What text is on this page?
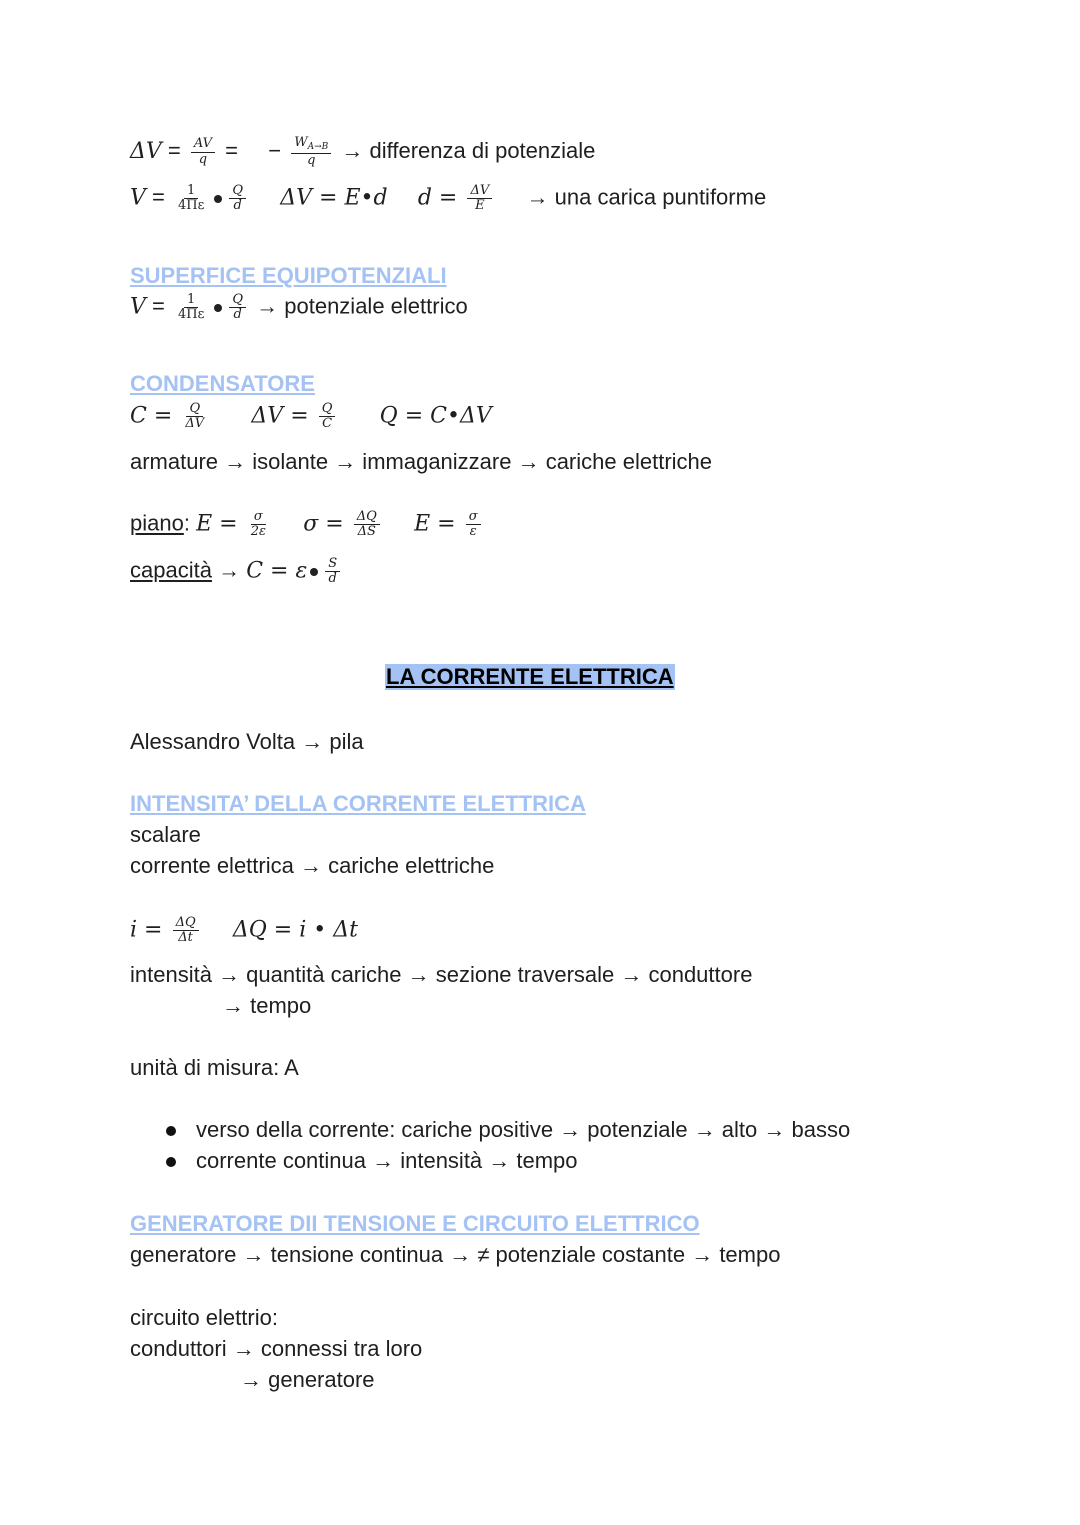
$\Delta V = \frac{AV}{q}$ = − $\frac{W_{A\to B}}{q}$ → differenza di potenziale
$V = \frac{1}{4\Pi\varepsilon} \frac{Q}{d}$ ΔV = E•d $d = \frac{\Delta V}{E}$ → una carica puntiforme
SUPERFICE EQUIPOTENZIALI
$V = \frac{1}{4\Pi\varepsilon} \frac{Q}{d}$ → potenziale elettrico
CONDENSATORE
$C = \frac{Q}{\Delta V}$ $\Delta V = \frac{Q}{C}$ Q = C•ΔV
armature → isolante → immaganizzare → cariche elettriche
piano: $E = \frac{\sigma}{2\varepsilon}$ $\sigma = \frac{\Delta Q}{\Delta S}$ $E = \frac{\sigma}{\varepsilon}$
capacità → C = ε $\frac{S}{d}$
LA CORRENTE ELETTRICA
Alessandro Volta → pila
INTENSITA’ DELLA CORRENTE ELETTRICA
scalare
corrente elettrica → cariche elettriche
$i = \frac{\Delta Q}{\Delta t}$ ΔQ = i • Δt
intensità → quantità cariche → sezione traversale → conduttore
→ tempo
unità di misura: A
verso della corrente: cariche positive → potenziale → alto → basso
corrente continua → intensità → tempo
GENERATORE DII TENSIONE E CIRCUITO ELETTRICO
generatore → tensione continua → ≠ potenziale costante → tempo
circuito elettrio:
conduttori → connessi tra loro
→ generatore
